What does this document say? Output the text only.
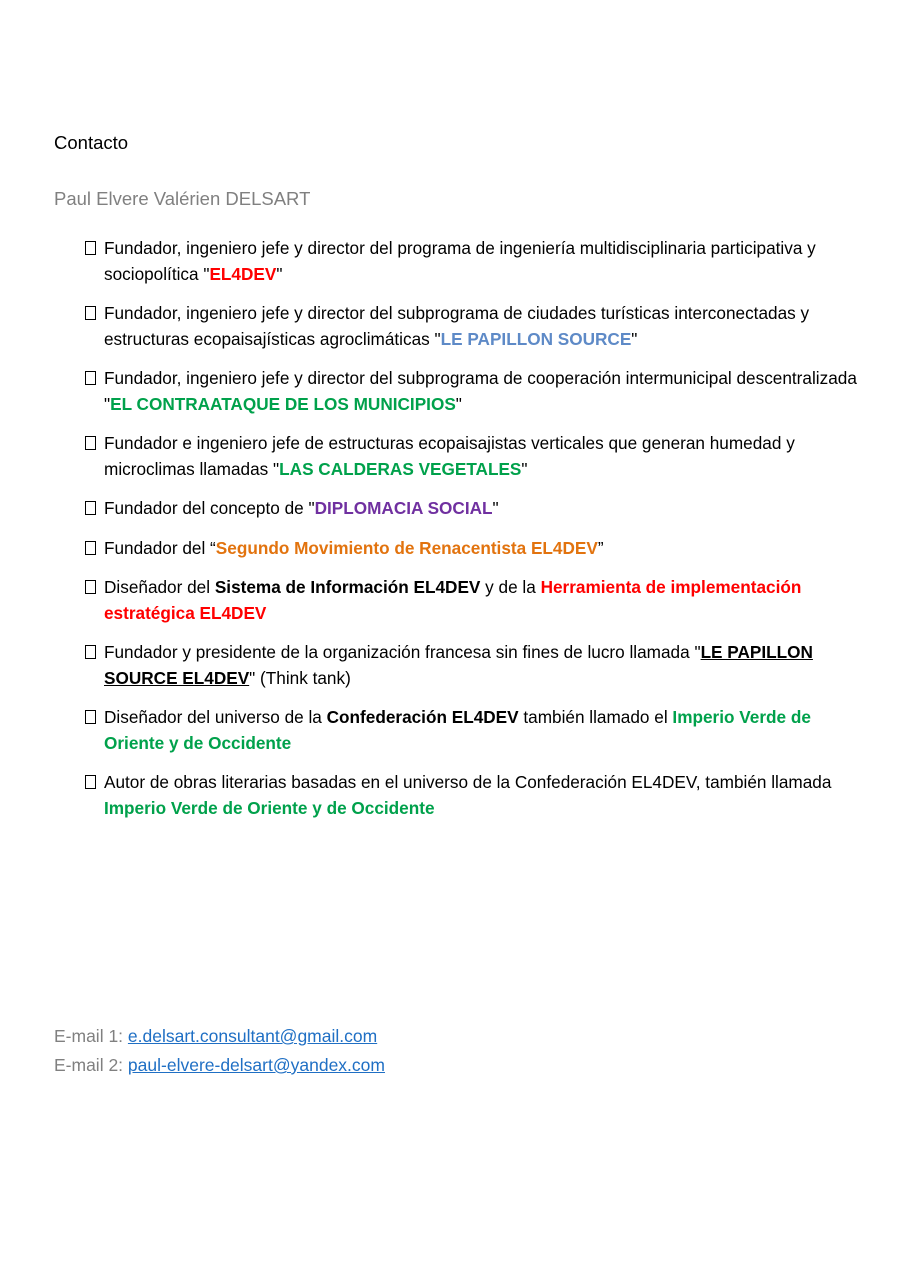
Contacto
Paul Elvere Valérien DELSART
Fundador, ingeniero jefe y director del programa de ingeniería multidisciplinaria participativa y sociopolítica "EL4DEV"
Fundador, ingeniero jefe y director del subprograma de ciudades turísticas interconectadas y estructuras ecopaisajísticas agroclimáticas "LE PAPILLON SOURCE"
Fundador, ingeniero jefe y director del subprograma de cooperación intermunicipal descentralizada "EL CONTRAATAQUE DE LOS MUNICIPIOS"
Fundador e ingeniero jefe de estructuras ecopaisajistas verticales que generan humedad y microclimas llamadas "LAS CALDERAS VEGETALES"
Fundador del concepto de "DIPLOMACIA SOCIAL"
Fundador del “Segundo Movimiento de Renacentista EL4DEV”
Diseñador del Sistema de Información EL4DEV y de la Herramienta de implementación estratégica EL4DEV
Fundador y presidente de la organización francesa sin fines de lucro llamada "LE PAPILLON SOURCE EL4DEV" (Think tank)
Diseñador del universo de la Confederación EL4DEV también llamado el Imperio Verde de Oriente y de Occidente
Autor de obras literarias basadas en el universo de la Confederación EL4DEV, también llamada Imperio Verde de Oriente y de Occidente
E-mail 1: e.delsart.consultant@gmail.com
E-mail 2: paul-elvere-delsart@yandex.com
